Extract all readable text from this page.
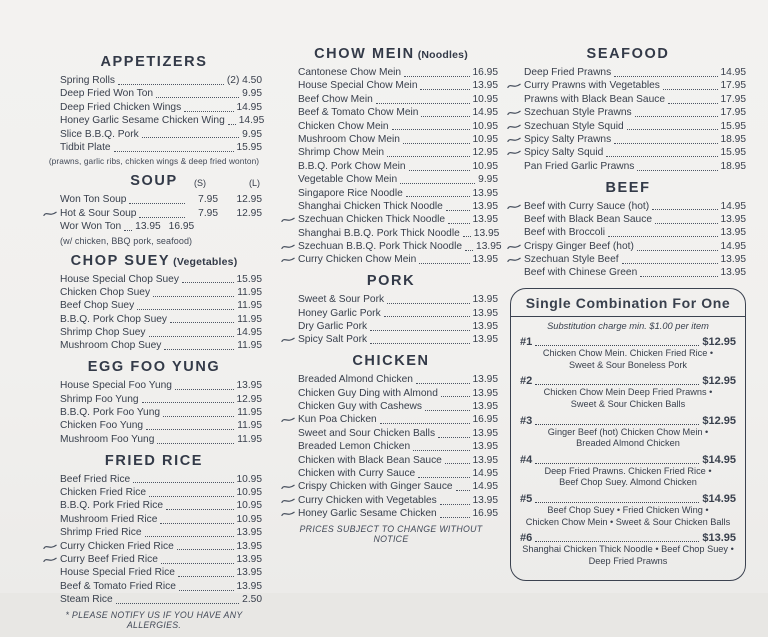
APPETIZERS
Spring Rolls	(2) 4.50
Deep Fried Won Ton	9.95
Deep Fried Chicken Wings	14.95
Honey Garlic Sesame Chicken Wing 14.95
Slice B.B.Q. Pork	9.95
Tidbit Plate	15.95
(prawns, garlic ribs, chicken wings & deep fried wonton)
SOUP (S)	(L)
Won Ton Soup	7.95	12.95
Hot & Sour Soup	7.95	12.95
Wor Won Ton 13.95 16.95
(w/ chicken, BBQ pork, seafood)
CHOP SUEY (Vegetables)
House Special Chop Suey	15.95
Chicken Chop Suey	11.95
Beef Chop Suey	11.95
B.B.Q. Pork Chop Suey	11.95
Shrimp Chop Suey	14.95
Mushroom Chop Suey	11.95
EGG FOO YUNG
House Special Foo Yung	13.95
Shrimp Foo Yung	12.95
B.B.Q. Pork Foo Yung	11.95
Chicken Foo Yung	11.95
Mushroom Foo Yung	11.95
FRIED RICE
Beef Fried Rice	10.95
Chicken Fried Rice	10.95
B.B.Q. Pork Fried Rice	10.95
Mushroom Fried Rice	10.95
Shrimp Fried Rice	13.95
Curry Chicken Fried Rice	13.95
Curry Beef Fried Rice	13.95
House Special Fried Rice	13.95
Beef & Tomato Fried Rice	13.95
Steam Rice	2.50
* PLEASE NOTIFY US IF YOU HAVE ANY ALLERGIES.
CHOW MEIN (Noodles)
Cantonese Chow Mein	16.95
House Special Chow Mein	13.95
Beef Chow Mein	10.95
Beef & Tomato Chow Mein	14.95
Chicken Chow Mein	10.95
Mushroom Chow Mein	10.95
Shrimp Chow Mein	12.95
B.B.Q. Pork Chow Mein	10.95
Vegetable Chow Mein	9.95
Singapore Rice Noodle	13.95
Shanghai Chicken Thick Noodle	13.95
Szechuan Chicken Thick Noodle	13.95
Shanghai B.B.Q. Pork Thick Noodle 13.95
Szechuan B.B.Q. Pork Thick Noodle 13.95
Curry Chicken Chow Mein	13.95
PORK
Sweet & Sour Pork	13.95
Honey Garlic Pork	13.95
Dry Garlic Pork	13.95
Spicy Salt Pork	13.95
CHICKEN
Breaded Almond Chicken	13.95
Chicken Guy Ding with Almond	13.95
Chicken Guy with Cashews	13.95
Kun Poa Chicken	16.95
Sweet and Sour Chicken Balls	13.95
Breaded Lemon Chicken	13.95
Chicken with Black Bean Sauce	13.95
Chicken with Curry Sauce	14.95
Crispy Chicken with Ginger Sauce 14.95
Curry Chicken with Vegetables	13.95
Honey Garlic Sesame Chicken	16.95
PRICES SUBJECT TO CHANGE WITHOUT NOTICE
SEAFOOD
Deep Fried Prawns	14.95
Curry Prawns with Vegetables	17.95
Prawns with Black Bean Sauce	17.95
Szechuan Style Prawns	17.95
Szechuan Style Squid	15.95
Spicy Salty Prawns	18.95
Spicy Salty Squid	15.95
Pan Fried Garlic Prawns	18.95
BEEF
Beef with Curry Sauce (hot)	14.95
Beef with Black Bean Sauce	13.95
Beef with Broccoli	13.95
Crispy Ginger Beef (hot)	14.95
Szechuan Style Beef	13.95
Beef with Chinese Green	13.95
Single Combination For One
Substitution charge min. $1.00 per item
#1	$12.95
Chicken Chow Mein. Chicken Fried Rice •
Sweet & Sour Boneless Pork
#2	$12.95
Chicken Chow Mein Deep Fried Prawns •
Sweet & Sour Chicken Balls
#3	$12.95
Ginger Beef (hot) Chicken Chow Mein •
Breaded Almond Chicken
#4	$14.95
Deep Fried Prawns. Chicken Fried Rice •
Beef Chop Suey. Almond Chicken
#5	$14.95
Beef Chop Suey • Fried Chicken Wing •
Chicken Chow Mein • Sweet & Sour Chicken Balls
#6	$13.95
Shanghai Chicken Thick Noodle • Beef Chop Suey •
Deep Fried Prawns
